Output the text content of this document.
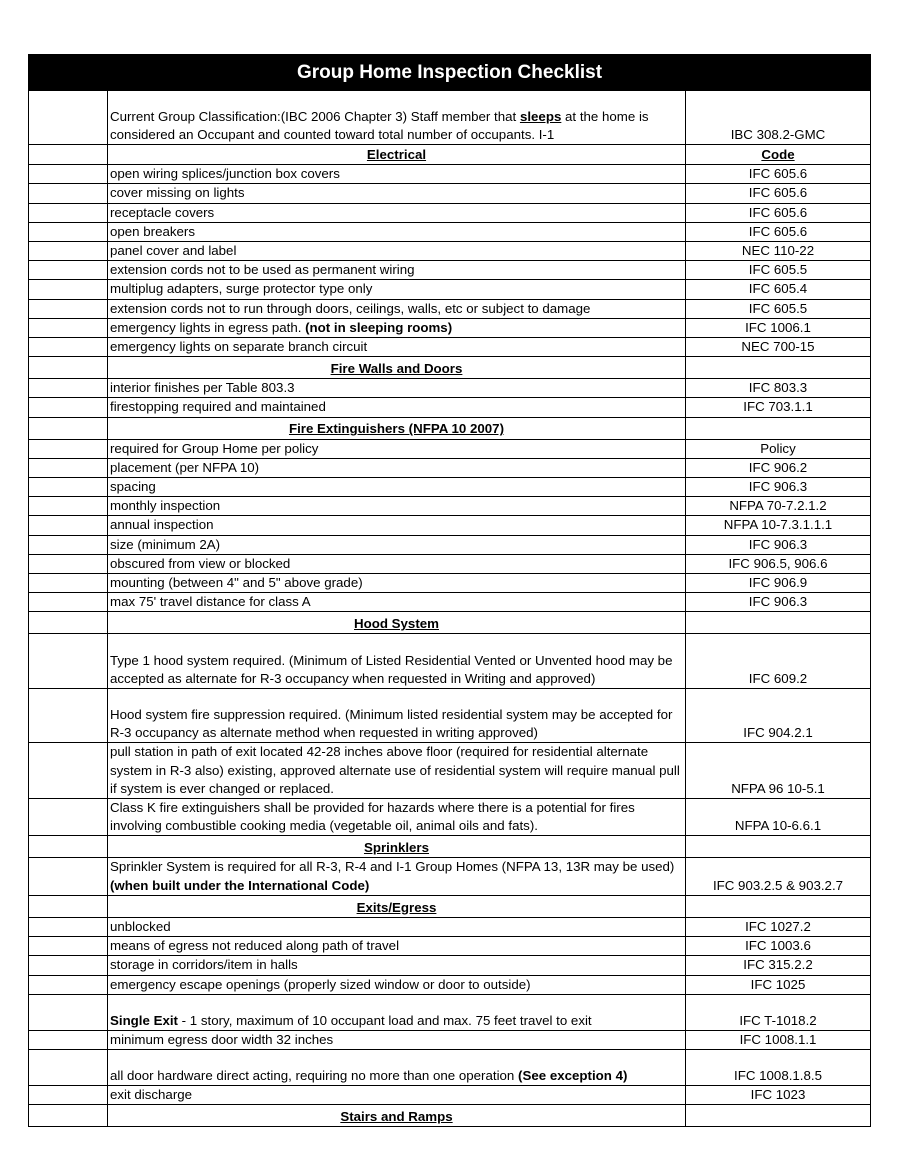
Group Home Inspection Checklist
	Current Group Classification:(IBC 2006 Chapter 3) Staff member that sleeps at the home is considered an Occupant and counted toward total number of occupants. I-1	IBC 308.2-GMC
	Electrical	Code
	open wiring splices/junction box covers	IFC 605.6
	cover missing on lights	IFC 605.6
	receptacle covers	IFC 605.6
	open breakers	IFC 605.6
	panel cover and label	NEC 110-22
	extension cords not to be used as permanent wiring	IFC 605.5
	multiplug adapters, surge protector type only	IFC 605.4
	extension cords not to run through doors, ceilings, walls, etc or subject to damage	IFC 605.5
	emergency lights in egress path. (not in sleeping rooms)	IFC 1006.1
	emergency lights on separate branch circuit	NEC 700-15
	Fire Walls and Doors	
	interior finishes per Table 803.3	IFC 803.3
	firestopping required and maintained	IFC 703.1.1
	Fire Extinguishers (NFPA 10 2007)	
	required for Group Home per policy	Policy
	placement (per NFPA 10)	IFC 906.2
	spacing	IFC 906.3
	monthly inspection	NFPA 70-7.2.1.2
	annual inspection	NFPA 10-7.3.1.1.1
	size (minimum 2A)	IFC 906.3
	obscured from view or blocked	IFC 906.5, 906.6
	mounting (between 4" and 5" above grade)	IFC 906.9
	max 75' travel distance for class A	IFC 906.3
	Hood System	
	Type 1 hood system required. (Minimum of Listed Residential Vented or Unvented hood may be accepted as alternate for R-3 occupancy when requested in Writing and approved)	IFC 609.2
	Hood system fire suppression required. (Minimum listed residential system may be accepted for R-3 occupancy as alternate method when requested in writing approved)	IFC 904.2.1
	pull station in path of exit located 42-28 inches above floor (required for residential alternate system in R-3 also) existing, approved alternate use of residential system will require manual pull if system is ever changed or replaced.	NFPA 96 10-5.1
	Class K fire extinguishers shall be provided for hazards where there is a potential for fires involving combustible cooking media (vegetable oil, animal oils and fats).	NFPA 10-6.6.1
	Sprinklers	
	Sprinkler System is required for all R-3, R-4 and I-1 Group Homes (NFPA 13, 13R may be used) (when built under the International Code)	IFC 903.2.5 & 903.2.7
	Exits/Egress	
	unblocked	IFC 1027.2
	means of egress not reduced along path of travel	IFC 1003.6
	storage in corridors/item in halls	IFC 315.2.2
	emergency escape openings (properly sized window or door to outside)	IFC 1025
	Single Exit - 1 story, maximum of 10 occupant load and max. 75 feet travel to exit	IFC T-1018.2
	minimum egress door width 32 inches	IFC 1008.1.1
	all door hardware direct acting, requiring no more than one operation (See exception 4)	IFC 1008.1.8.5
	exit discharge	IFC 1023
	Stairs and Ramps	
